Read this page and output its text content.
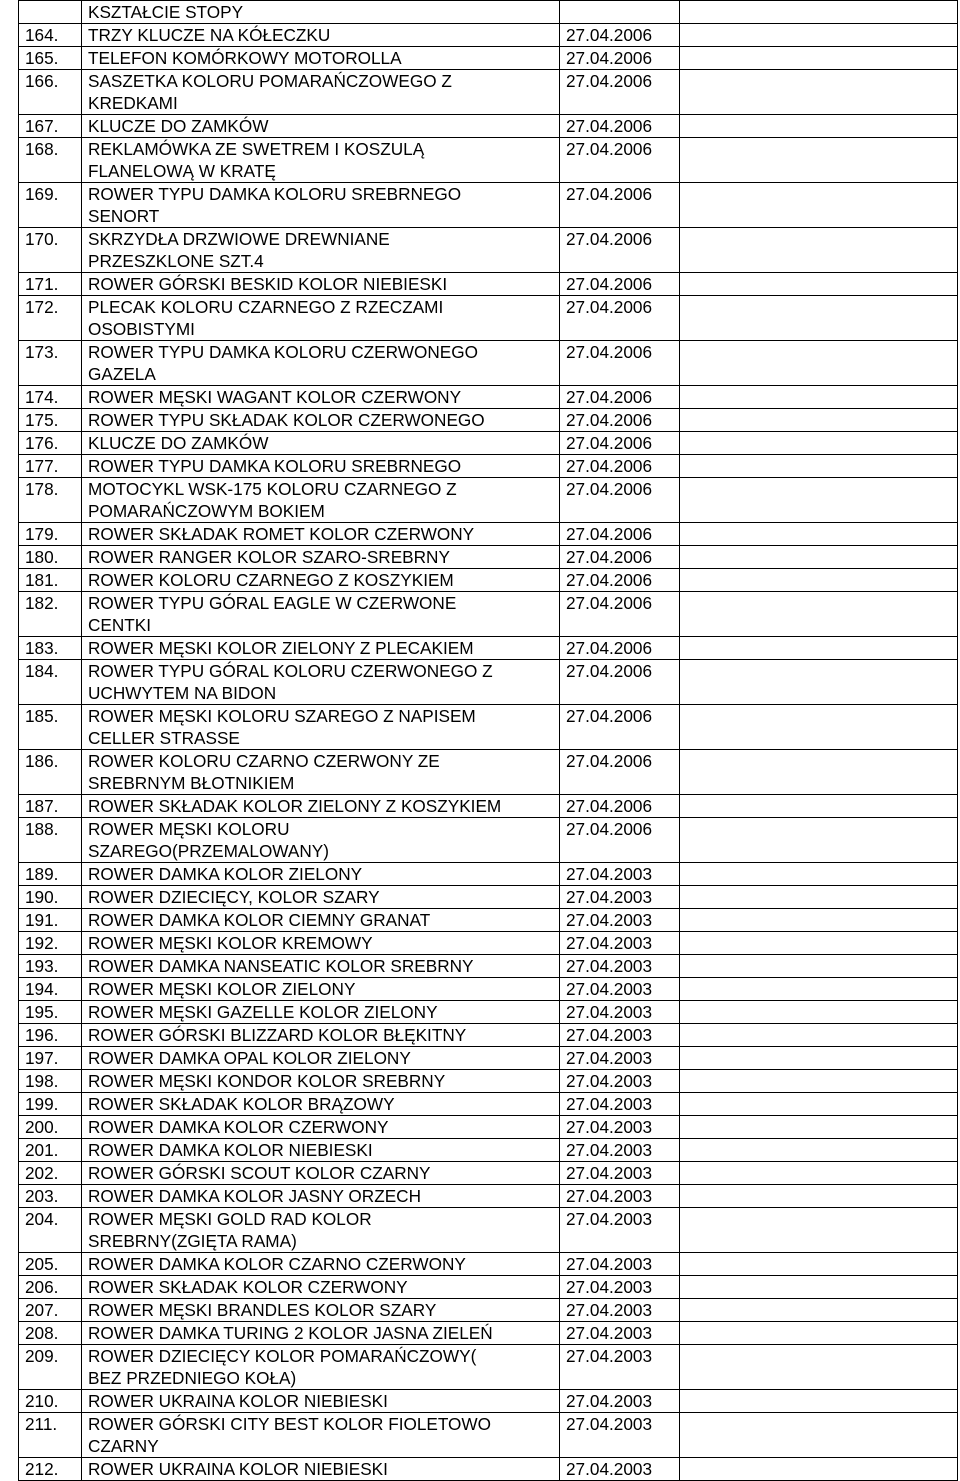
	KSZTAŁCIE STOPY		
164.	TRZY KLUCZE NA KÓŁECZKU	27.04.2006	
165.	TELEFON KOMÓRKOWY MOTOROLLA	27.04.2006	
166.	SASZETKA KOLORU POMARAŃCZOWEGO Z
KREDKAMI	27.04.2006	
167.	KLUCZE DO ZAMKÓW	27.04.2006	
168.	REKLAMÓWKA ZE SWETREM I KOSZULĄ
FLANELOWĄ W KRATĘ	27.04.2006	
169.	ROWER TYPU DAMKA KOLORU SREBRNEGO
SENORT	27.04.2006	
170.	SKRZYDŁA DRZWIOWE DREWNIANE
PRZESZKLONE SZT.4	27.04.2006	
171.	ROWER GÓRSKI BESKID KOLOR NIEBIESKI	27.04.2006	
172.	PLECAK KOLORU CZARNEGO Z RZECZAMI
OSOBISTYMI	27.04.2006	
173.	ROWER TYPU DAMKA KOLORU CZERWONEGO
GAZELA	27.04.2006	
174.	ROWER MĘSKI WAGANT KOLOR CZERWONY	27.04.2006	
175.	ROWER TYPU SKŁADAK KOLOR CZERWONEGO	27.04.2006	
176.	KLUCZE DO ZAMKÓW	27.04.2006	
177.	ROWER TYPU DAMKA KOLORU SREBRNEGO	27.04.2006	
178.	MOTOCYKL WSK-175 KOLORU CZARNEGO Z
POMARAŃCZOWYM BOKIEM	27.04.2006	
179.	ROWER SKŁADAK ROMET KOLOR CZERWONY	27.04.2006	
180.	ROWER RANGER KOLOR SZARO-SREBRNY	27.04.2006	
181.	ROWER KOLORU CZARNEGO Z KOSZYKIEM	27.04.2006	
182.	ROWER TYPU GÓRAL EAGLE W CZERWONE
CENTKI	27.04.2006	
183.	ROWER MĘSKI KOLOR ZIELONY Z PLECAKIEM	27.04.2006	
184.	ROWER TYPU GÓRAL KOLORU CZERWONEGO Z
UCHWYTEM NA BIDON	27.04.2006	
185.	ROWER MĘSKI KOLORU SZAREGO Z NAPISEM
CELLER STRASSE	27.04.2006	
186.	ROWER KOLORU CZARNO CZERWONY ZE
SREBRNYM BŁOTNIKIEM	27.04.2006	
187.	ROWER SKŁADAK KOLOR ZIELONY Z KOSZYKIEM	27.04.2006	
188.	ROWER MĘSKI KOLORU
SZAREGO(PRZEMALOWANY)	27.04.2006	
189.	ROWER DAMKA KOLOR ZIELONY	27.04.2003	
190.	ROWER DZIECIĘCY, KOLOR SZARY	27.04.2003	
191.	ROWER DAMKA KOLOR CIEMNY GRANAT	27.04.2003	
192.	ROWER MĘSKI KOLOR KREMOWY	27.04.2003	
193.	ROWER DAMKA NANSEATIC KOLOR SREBRNY	27.04.2003	
194.	ROWER MĘSKI KOLOR ZIELONY	27.04.2003	
195.	ROWER MĘSKI GAZELLE KOLOR ZIELONY	27.04.2003	
196.	ROWER GÓRSKI BLIZZARD KOLOR BŁĘKITNY	27.04.2003	
197.	ROWER DAMKA OPAL KOLOR ZIELONY	27.04.2003	
198.	ROWER MĘSKI KONDOR KOLOR SREBRNY	27.04.2003	
199.	ROWER SKŁADAK KOLOR BRĄZOWY	27.04.2003	
200.	ROWER DAMKA KOLOR CZERWONY	27.04.2003	
201.	ROWER DAMKA KOLOR NIEBIESKI	27.04.2003	
202.	ROWER GÓRSKI SCOUT KOLOR CZARNY	27.04.2003	
203.	ROWER DAMKA KOLOR JASNY ORZECH	27.04.2003	
204.	ROWER MĘSKI GOLD RAD KOLOR
SREBRNY(ZGIĘTA RAMA)	27.04.2003	
205.	ROWER DAMKA KOLOR CZARNO CZERWONY	27.04.2003	
206.	ROWER SKŁADAK KOLOR CZERWONY	27.04.2003	
207.	ROWER MĘSKI BRANDLES KOLOR SZARY	27.04.2003	
208.	ROWER DAMKA TURING 2 KOLOR JASNA ZIELEŃ	27.04.2003	
209.	ROWER DZIECIĘCY KOLOR POMARAŃCZOWY(
BEZ PRZEDNIEGO KOŁA)	27.04.2003	
210.	ROWER UKRAINA KOLOR NIEBIESKI	27.04.2003	
211.	ROWER GÓRSKI CITY BEST KOLOR FIOLETOWO
CZARNY	27.04.2003	
212.	ROWER UKRAINA KOLOR NIEBIESKI	27.04.2003	
